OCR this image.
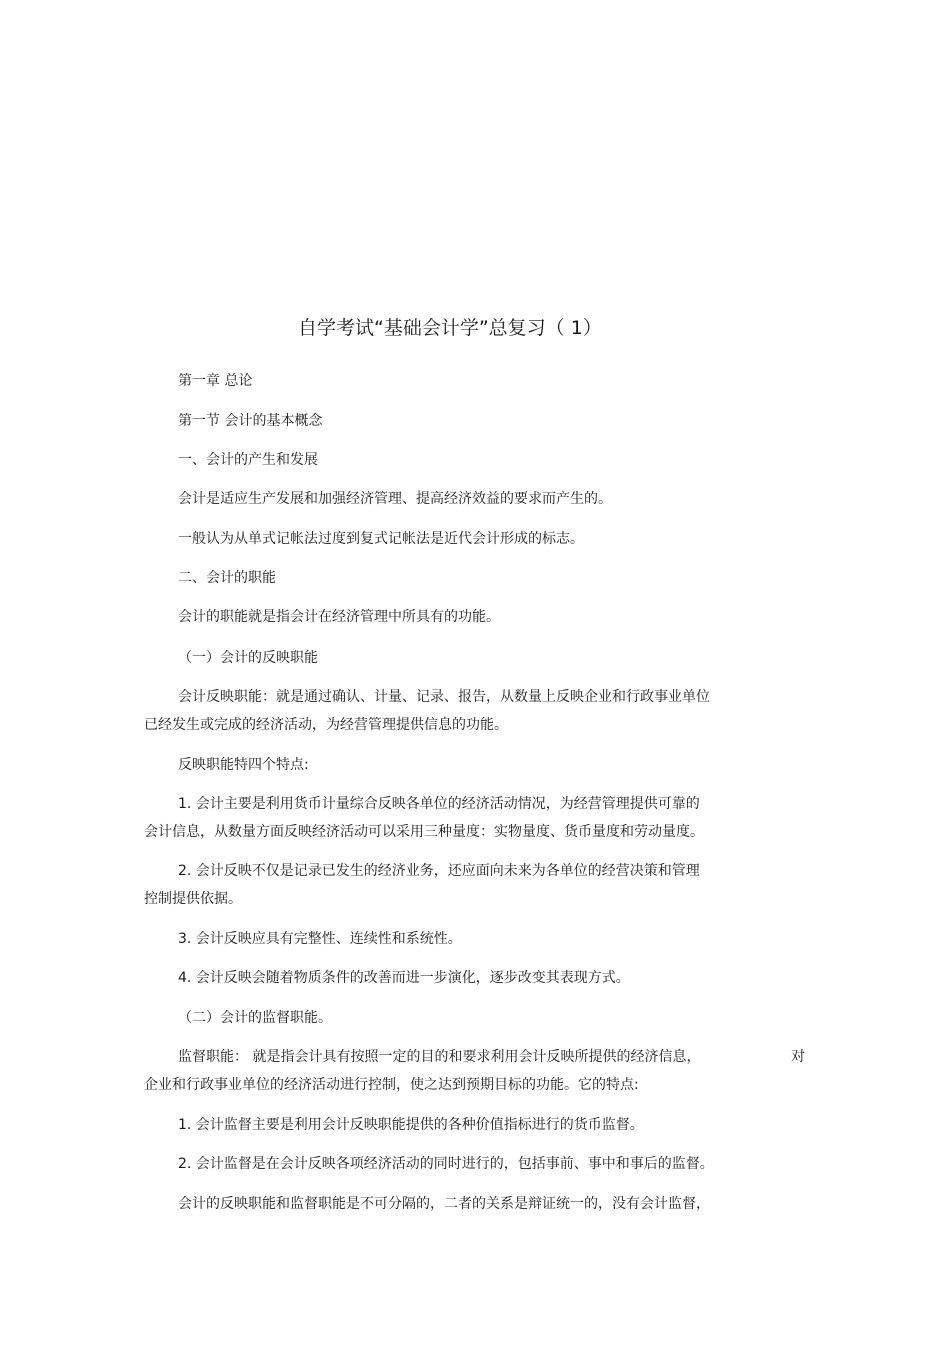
自学考试“基础会计学”总复习（ 1）
第一章 总论
第一节 会计的基本概念
一、会计的产生和发展
会计是适应生产发展和加强经济管理、提高经济效益的要求而产生的。
一般认为从单式记帐法过度到复式记帐法是近代会计形成的标志。
二、会计的职能
会计的职能就是指会计在经济管理中所具有的功能。
（一）会计的反映职能
会计反映职能：就是通过确认、计量、记录、报告，从数量上反映企业和行政事业单位
已经发生或完成的经济活动，为经营管理提供信息的功能。
反映职能特四个特点:
1. 会计主要是利用货币计量综合反映各单位的经济活动情况，为经营管理提供可靠的
会计信息，从数量方面反映经济活动可以采用三种量度：实物量度、货币量度和劳动量度。
2. 会计反映不仅是记录已发生的经济业务，还应面向未来为各单位的经营决策和管理
控制提供依据。
3. 会计反映应具有完整性、连续性和系统性。
4. 会计反映会随着物质条件的改善而进一步演化，逐步改变其表现方式。
（二）会计的监督职能。
监督职能： 就是指会计具有按照一定的目的和要求利用会计反映所提供的经济信息，	对
企业和行政事业单位的经济活动进行控制，使之达到预期目标的功能。它的特点:
1. 会计监督主要是利用会计反映职能提供的各种价值指标进行的货币监督。
2. 会计监督是在会计反映各项经济活动的同时进行的，包括事前、事中和事后的监督。
会计的反映职能和监督职能是不可分隔的，二者的关系是辩证统一的，没有会计监督，
